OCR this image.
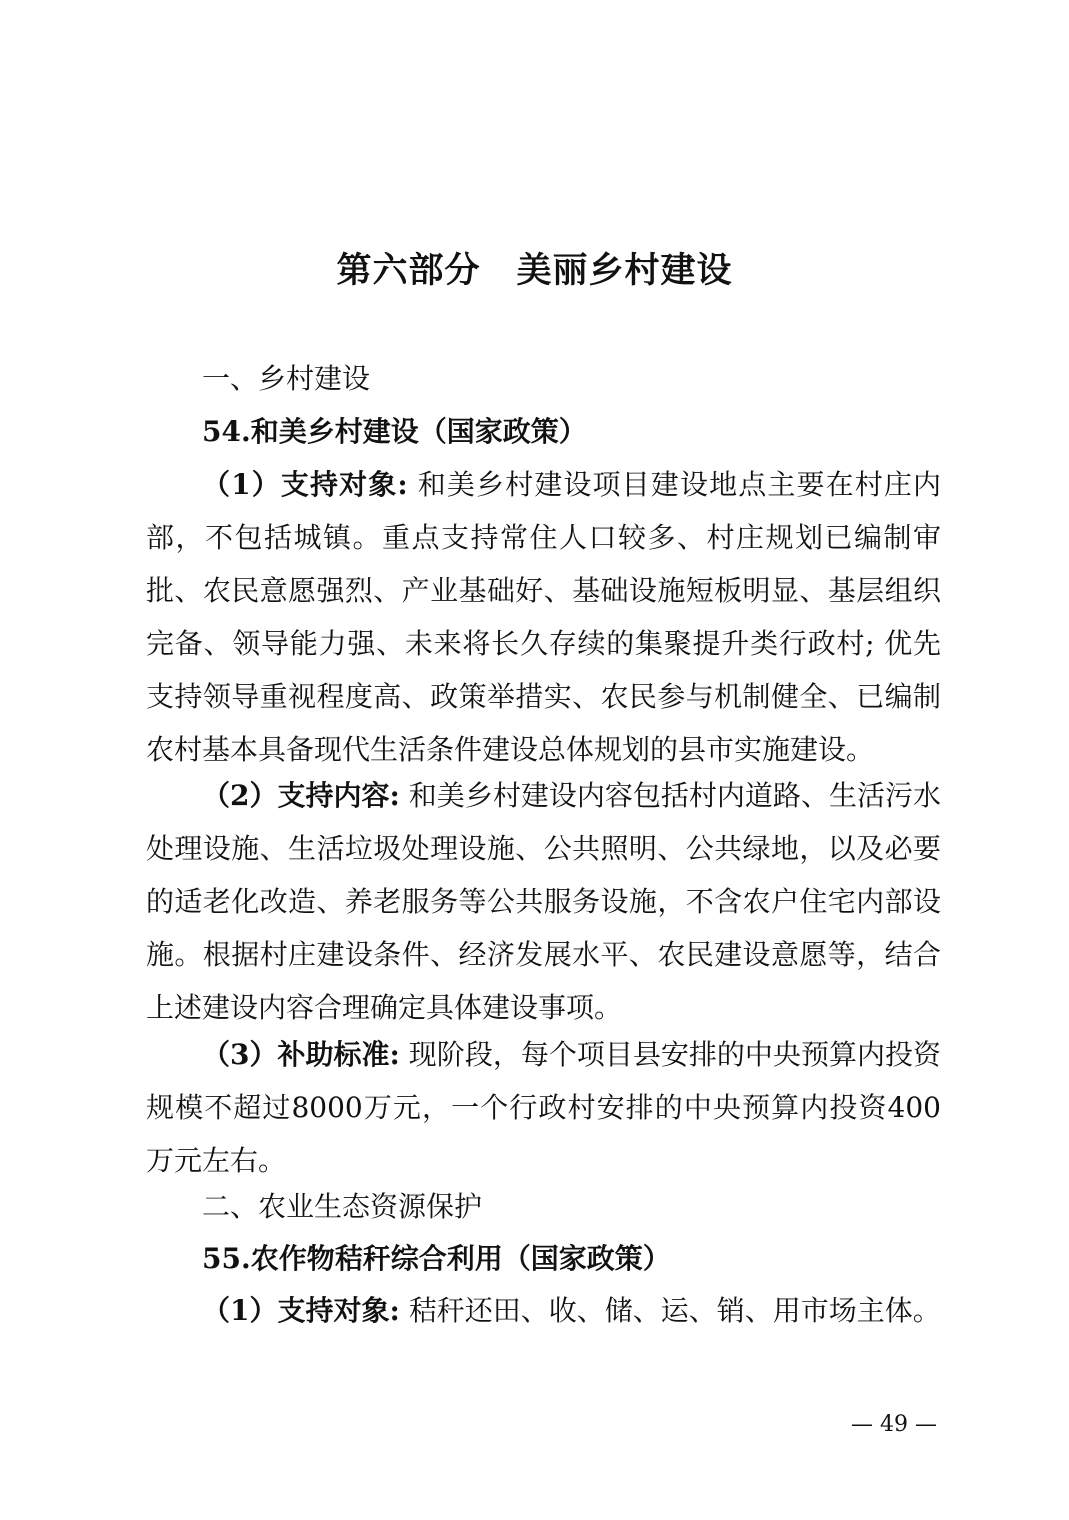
第六部分　美丽乡村建设
一、乡村建设
54.和美乡村建设（国家政策）

（1）支持对象: 和美乡村建设项目建设地点主要在村庄内部，不包括城镇。重点支持常住人口较多、村庄规划已编制审批、农民意愿强烈、产业基础好、基础设施短板明显、基层组织完备、领导能力强、未来将长久存续的集聚提升类行政村; 优先支持领导重视程度高、政策举措实、农民参与机制健全、已编制农村基本具备现代生活条件建设总体规划的县市实施建设。

（2）支持内容: 和美乡村建设内容包括村内道路、生活污水处理设施、生活垃圾处理设施、公共照明、公共绿地，以及必要的适老化改造、养老服务等公共服务设施，不含农户住宅内部设施。根据村庄建设条件、经济发展水平、农民建设意愿等，结合上述建设内容合理确定具体建设事项。

（3）补助标准: 现阶段，每个项目县安排的中央预算内投资规模不超过8000万元，一个行政村安排的中央预算内投资400万元左右。

二、农业生态资源保护
55.农作物秸秆综合利用（国家政策）

（1）支持对象: 秸秆还田、收、储、运、销、用市场主体。

— 49 —
